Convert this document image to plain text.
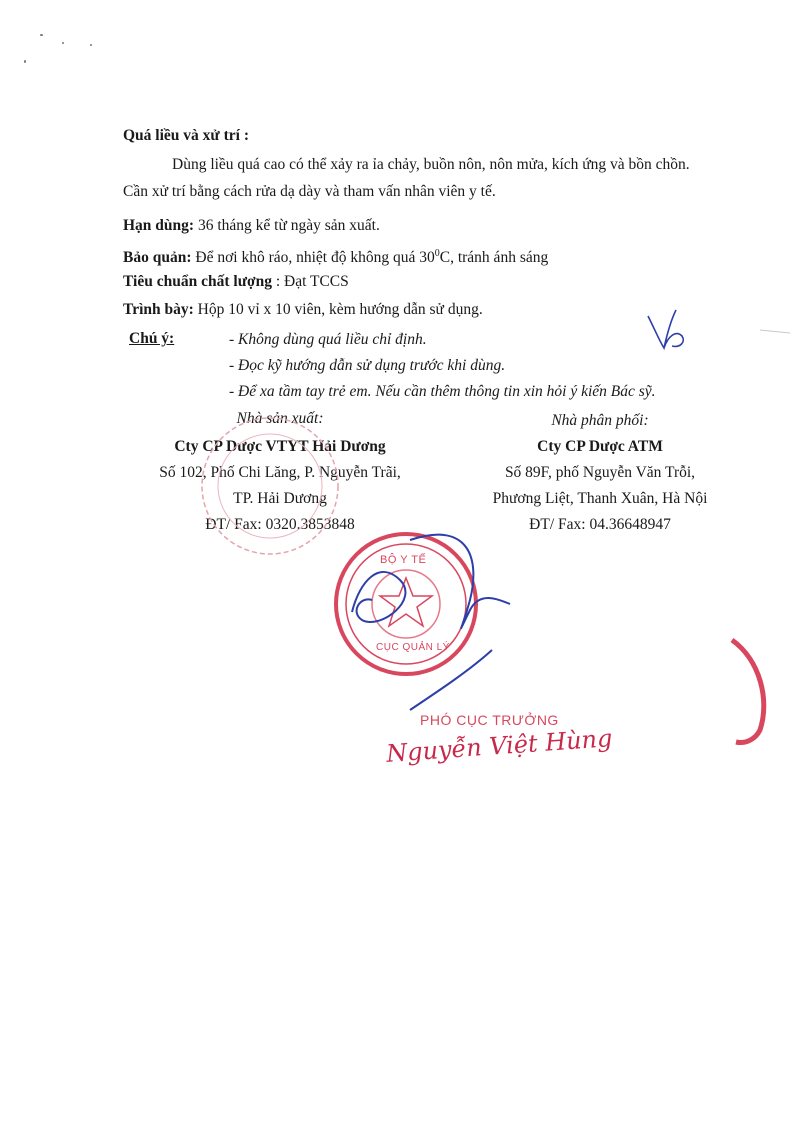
Quá liều và xử trí :
Dùng liều quá cao có thể xảy ra ỉa chảy, buồn nôn, nôn mửa, kích ứng và bồn chồn.
Cần xử trí bằng cách rửa dạ dày và tham vấn nhân viên y tế.
Hạn dùng: 36 tháng kể từ ngày sản xuất.
Bảo quản: Để nơi khô ráo, nhiệt độ không quá $30^0C$, tránh ánh sáng
Tiêu chuẩn chất lượng : Đạt TCCS
Trình bày: Hộp 10 vỉ x 10 viên, kèm hướng dẫn sử dụng.
Chú ý:	- Không dùng quá liều chỉ định.
- Đọc kỹ hướng dẫn sử dụng trước khi dùng.
- Để xa tầm tay trẻ em. Nếu cần thêm thông tin xin hỏi ý kiến Bác sỹ.
Nhà sản xuất:
Cty CP Dược VTYT Hải Dương
Số 102, Phố Chi Lăng, P. Nguyễn Trãi,
TP. Hải Dương
ĐT/ Fax: 0320.3853848
Nhà phân phối:
Cty CP Dược ATM
Số 89F, phố Nguyễn Văn Trỗi,
Phương Liệt, Thanh Xuân, Hà Nội
ĐT/ Fax: 04.36648947
BỘ Y TẾ
CỤC QUẢN LÝ
PHÓ CỤC TRƯỞNG
Nguyễn Việt Hùng
